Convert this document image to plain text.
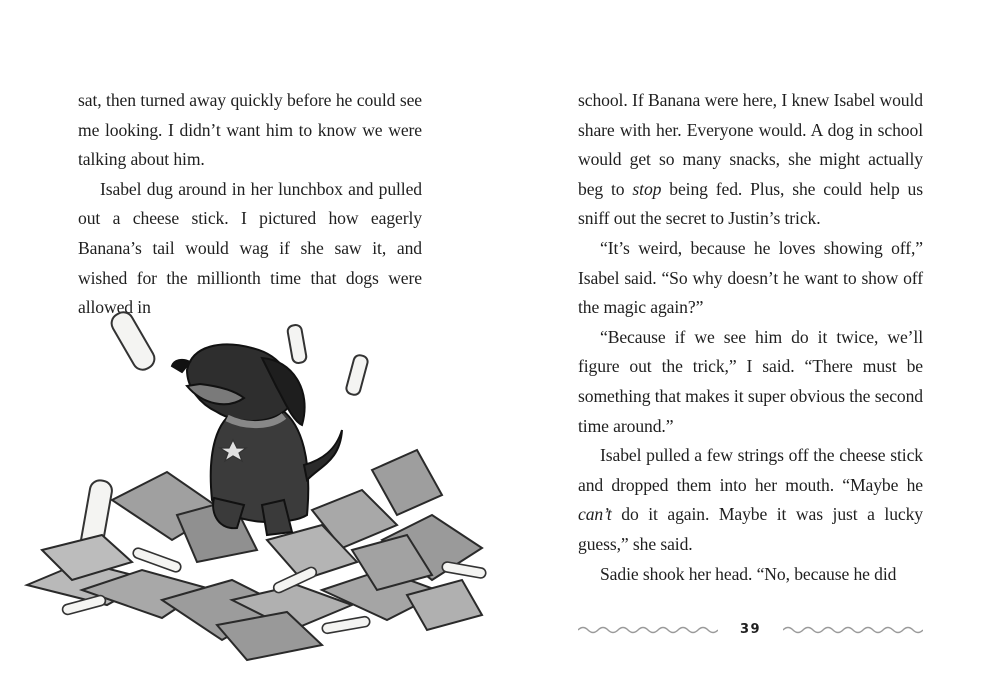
sat, then turned away quickly before he could see me looking. I didn’t want him to know we were talking about him.

Isabel dug around in her lunchbox and pulled out a cheese stick. I pictured how eagerly Banana’s tail would wag if she saw it, and wished for the millionth time that dogs were allowed in

school. If Banana were here, I knew Isabel would share with her. Everyone would. A dog in school would get so many snacks, she might actually beg to stop being fed. Plus, she could help us sniff out the secret to Justin’s trick.

“It’s weird, because he loves showing off,” Isabel said. “So why doesn’t he want to show off the magic again?”

“Because if we see him do it twice, we’ll figure out the trick,” I said. “There must be something that makes it super obvious the second time around.”

Isabel pulled a few strings off the cheese stick and dropped them into her mouth. “Maybe he can’t do it again. Maybe it was just a lucky guess,” she said.

Sadie shook her head. “No, because he did

39
